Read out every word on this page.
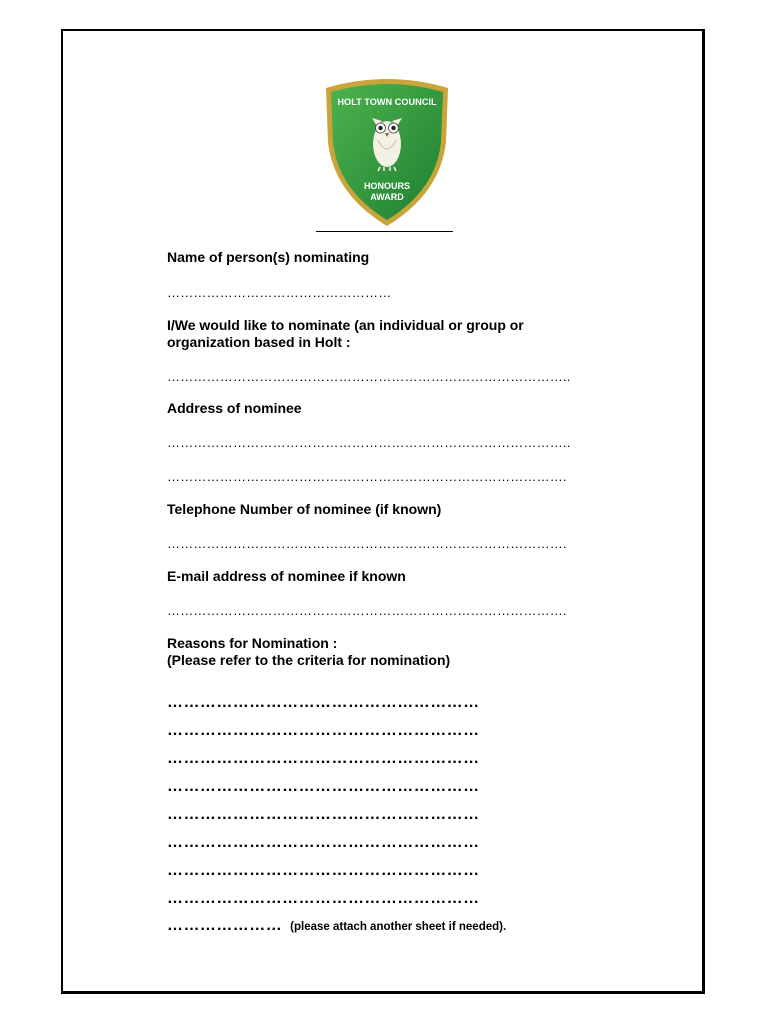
HOLT TOWN COUNCIL
HONOURS
AWARD
Name of person(s) nominating
……………………………………………
I/We would like to nominate (an individual or group or
organization based in Holt :
………………………………………………………………………………..
Address of nominee
………………………………………………………………………………..
……………………………………………………………………………….
Telephone Number of nominee (if known)
……………………………………………………………………………….
E-mail address of nominee if known
……………………………………………………………………………….
Reasons for Nomination :
(Please refer to the criteria for nomination)
…………………………………………………
…………………………………………………
…………………………………………………
…………………………………………………
…………………………………………………
…………………………………………………
…………………………………………………
…………………………………………………
………………… (please attach another sheet if needed).
